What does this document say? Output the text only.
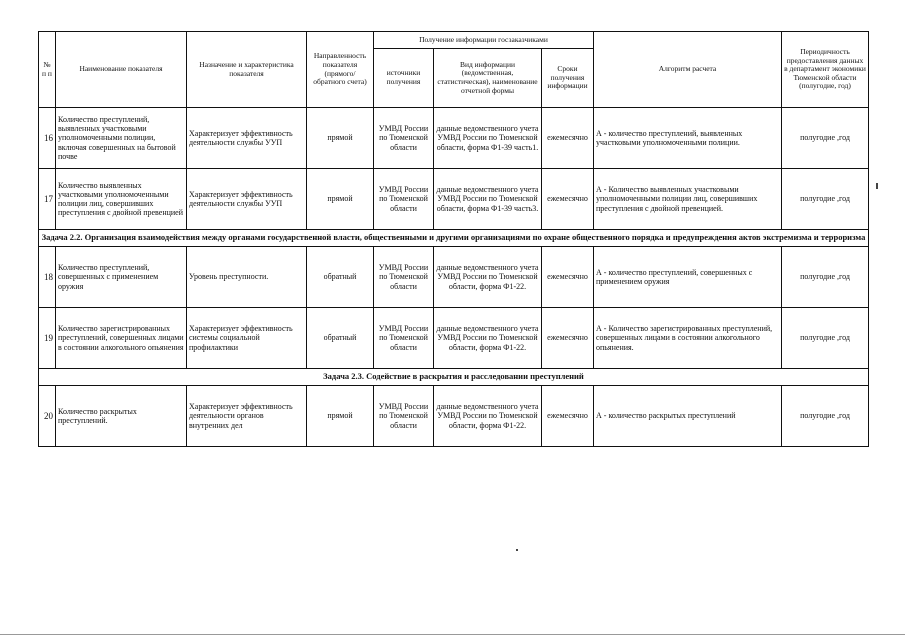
№ п п	Наименование показателя	Назначение и характеристика показателя	Направленность показателя (прямого/обратного счета)	Получение информации госзаказчиками			Алгоритм расчета	Периодичность предоставления данных в департамент экономики Тюменской области (полугодие, год)
				источники получения	Вид информации (ведомственная, статистическая), наименование отчетной формы	Сроки получения информации		
16	Количество преступлений, выявленных участковыми уполномоченными полиции, включая совершенных на бытовой почве	Характеризует эффективность деятельности службы УУП	прямой	УМВД России по Тюменской области	данные ведомственного учета УМВД России по Тюменской области, форма Ф1-39 часть1.	ежемесячно	А - количество преступлений, выявленных участковыми уполномоченными полиции.	полугодие ,год
17	Количество выявленных участковыми уполномоченными полиции лиц, совершивших преступления с двойной превенцией	Характеризует эффективность деятельности службы УУП	прямой	УМВД России по Тюменской области	данные ведомственного учета УМВД России по Тюменской области, форма Ф1-39 часть3.	ежемесячно	А - Количество выявленных участковыми уполномоченными полиции лиц, совершивших преступления с двойной превенцией.	полугодие ,год
Задача 2.2. Организация взаимодействия между органами государственной власти, общественными и другими организациями по охране общественного порядка и предупреждения актов экстремизма и терроризма								
18	Количество преступлений, совершенных с применением оружия	Уровень преступности.	обратный	УМВД России по Тюменской области	данные ведомственного учета УМВД России по Тюменской области, форма Ф1-22.	ежемесячно	А - количество преступлений, совершенных с применением оружия	полугодие ,год
19	Количество зарегистрированных преступлений, совершенных лицами в состоянии алкогольного опьянения	Характеризует эффективность системы социальной профилактики	обратный	УМВД России по Тюменской области	данные ведомственного учета УМВД России по Тюменской области, форма Ф1-22.	ежемесячно	А - Количество зарегистрированных преступлений, совершенных лицами в состоянии алкогольного опьянения.	полугодие ,год
Задача 2.3. Содействие в раскрытия и расследовании преступлений								
20	Количество раскрытых преступлений.	Характеризует эффективность деятельности органов внутренних дел	прямой	УМВД России по Тюменской области	данные ведомственного учета УМВД России по Тюменской области, форма Ф1-22.	ежемесячно	А - количество раскрытых преступлений	полугодие ,год
